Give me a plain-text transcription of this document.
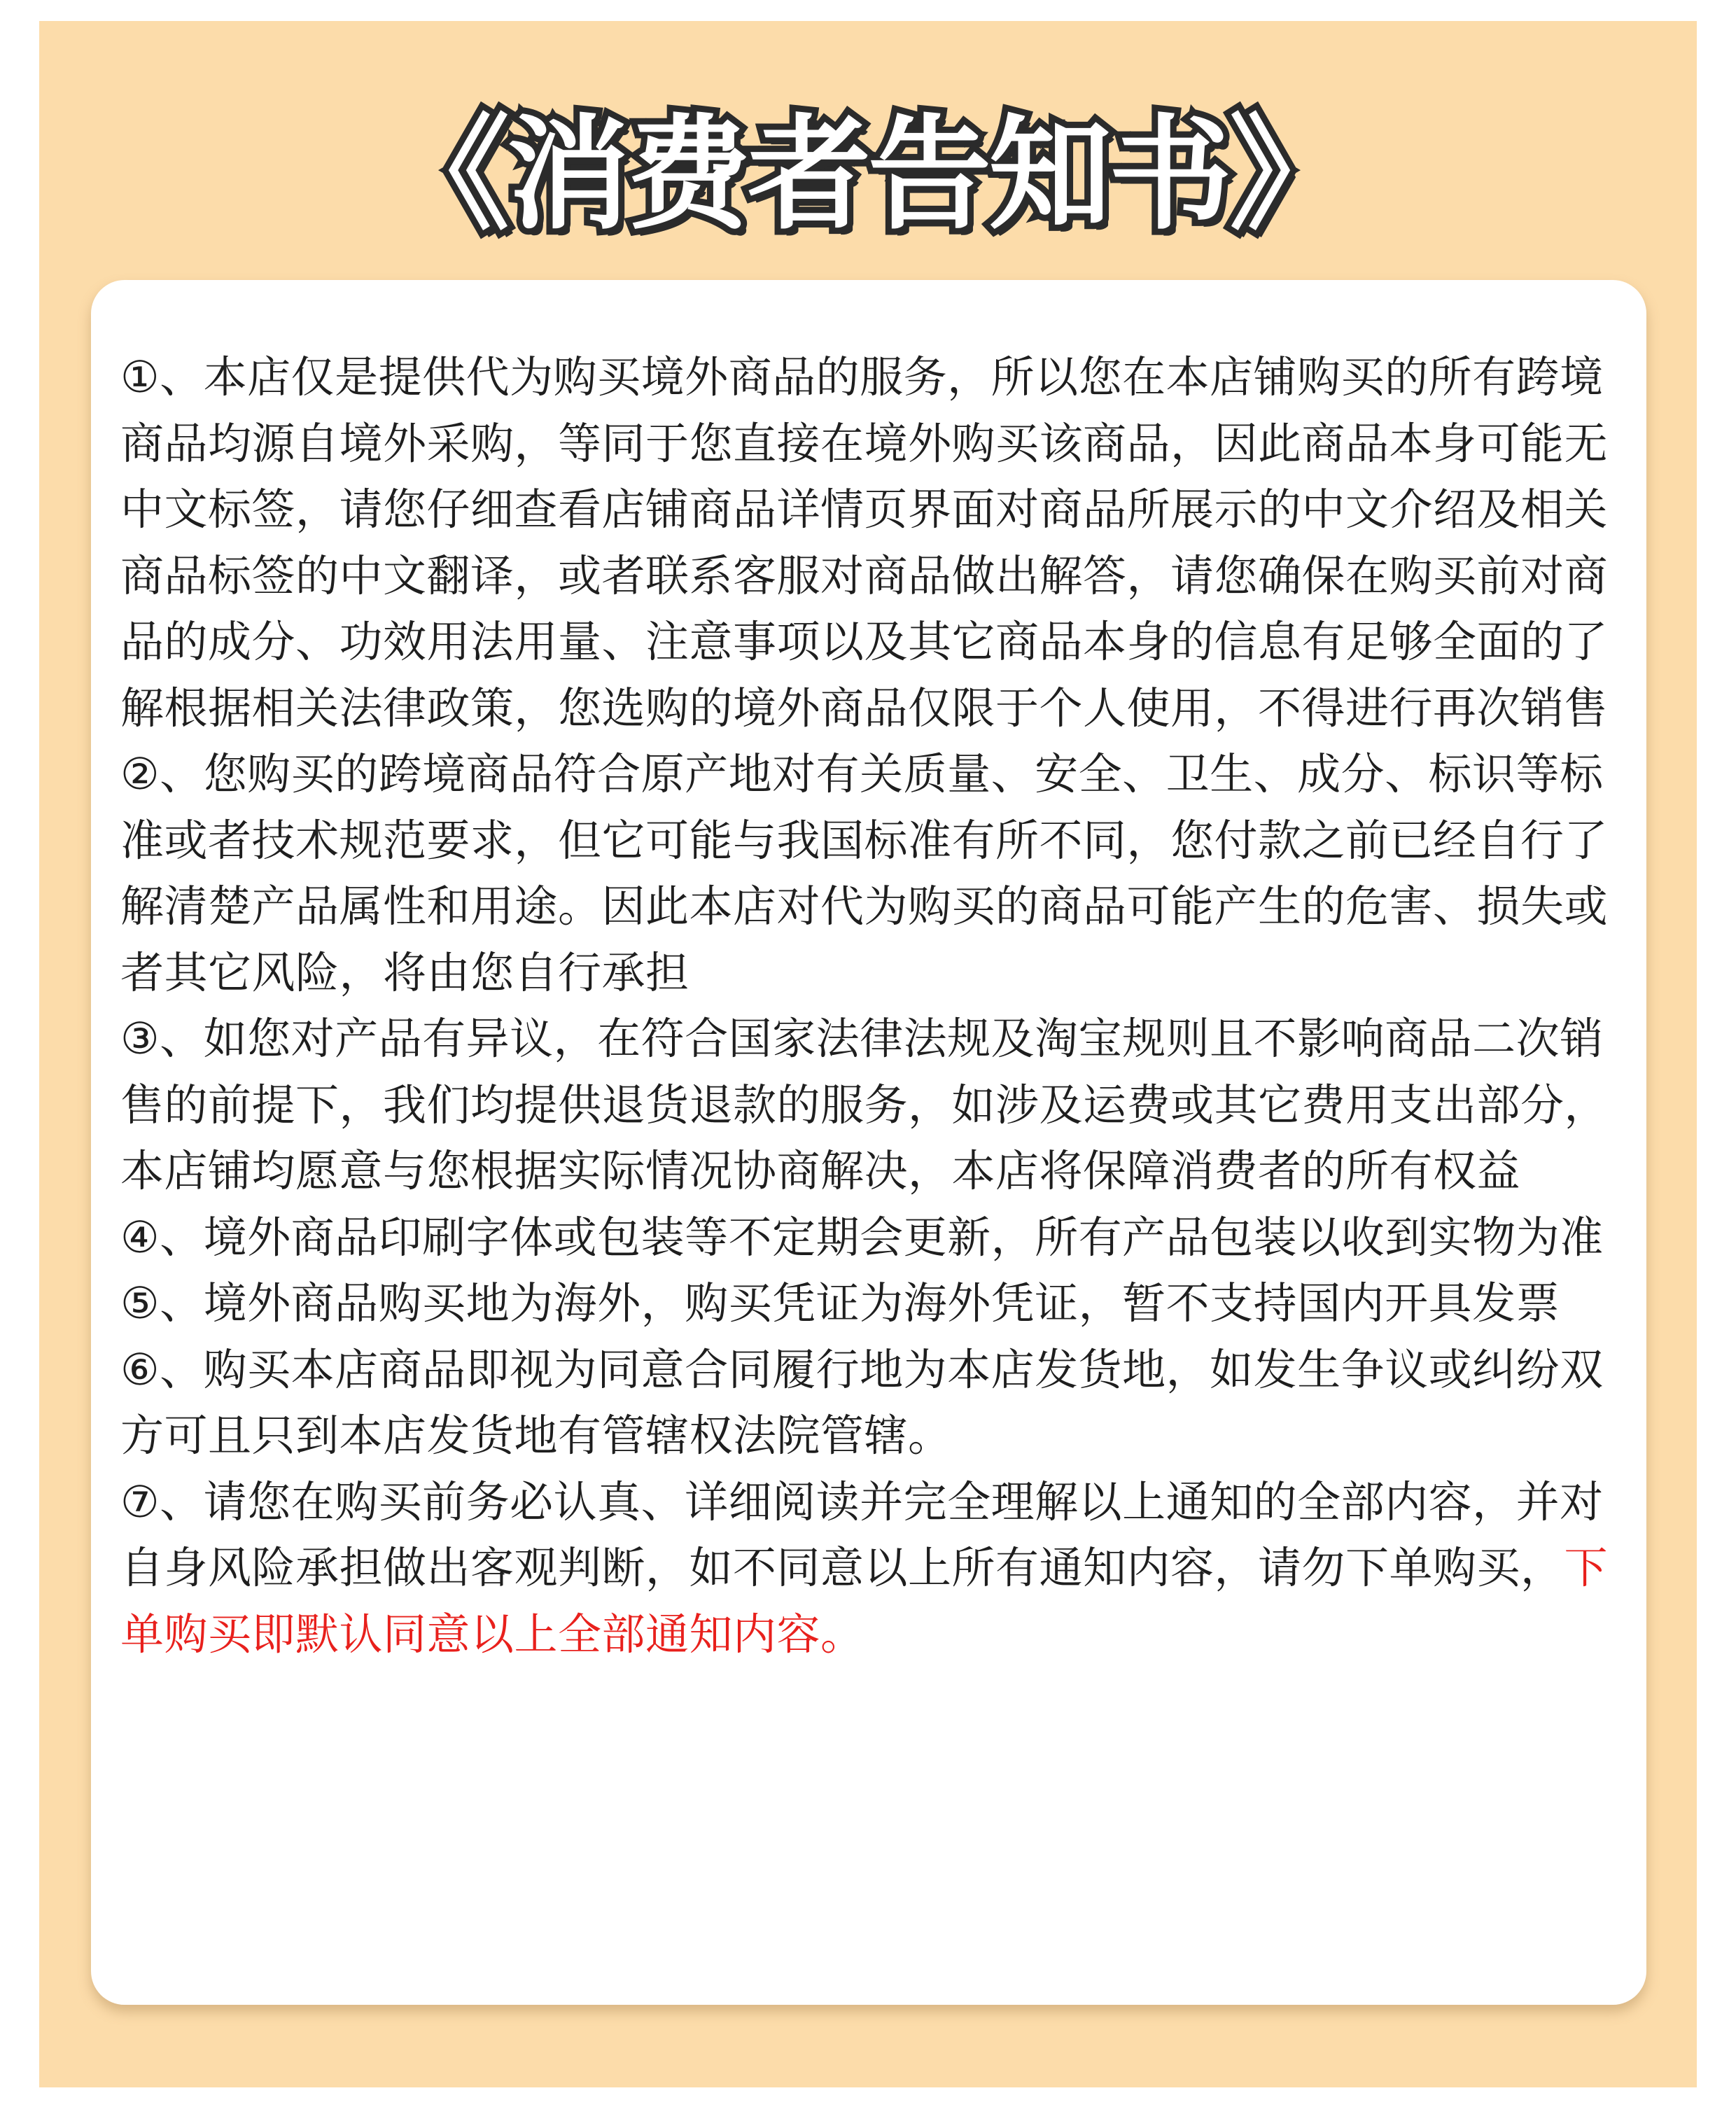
《消费者告知书》

①、本店仅是提供代为购买境外商品的服务，所以您在本店铺购买的所有跨境商品均源自境外采购，等同于您直接在境外购买该商品，因此商品本身可能无中文标签，请您仔细查看店铺商品详情页界面对商品所展示的中文介绍及相关商品标签的中文翻译，或者联系客服对商品做出解答，请您确保在购买前对商品的成分、功效用法用量、注意事项以及其它商品本身的信息有足够全面的了解根据相关法律政策，您选购的境外商品仅限于个人使用，不得进行再次销售

②、您购买的跨境商品符合原产地对有关质量、安全、卫生、成分、标识等标准或者技术规范要求，但它可能与我国标准有所不同，您付款之前已经自行了解清楚产品属性和用途。因此本店对代为购买的商品可能产生的危害、损失或者其它风险，将由您自行承担

③、如您对产品有异议，在符合国家法律法规及淘宝规则且不影响商品二次销售的前提下，我们均提供退货退款的服务，如涉及运费或其它费用支出部分，本店铺均愿意与您根据实际情况协商解决，本店将保障消费者的所有权益

④、境外商品印刷字体或包装等不定期会更新，所有产品包装以收到实物为准

⑤、境外商品购买地为海外，购买凭证为海外凭证，暂不支持国内开具发票

⑥、购买本店商品即视为同意合同履行地为本店发货地，如发生争议或纠纷双方可且只到本店发货地有管辖权法院管辖。

⑦、请您在购买前务必认真、详细阅读并完全理解以上通知的全部内容，并对自身风险承担做出客观判断，如不同意以上所有通知内容，请勿下单购买，下单购买即默认同意以上全部通知内容。
